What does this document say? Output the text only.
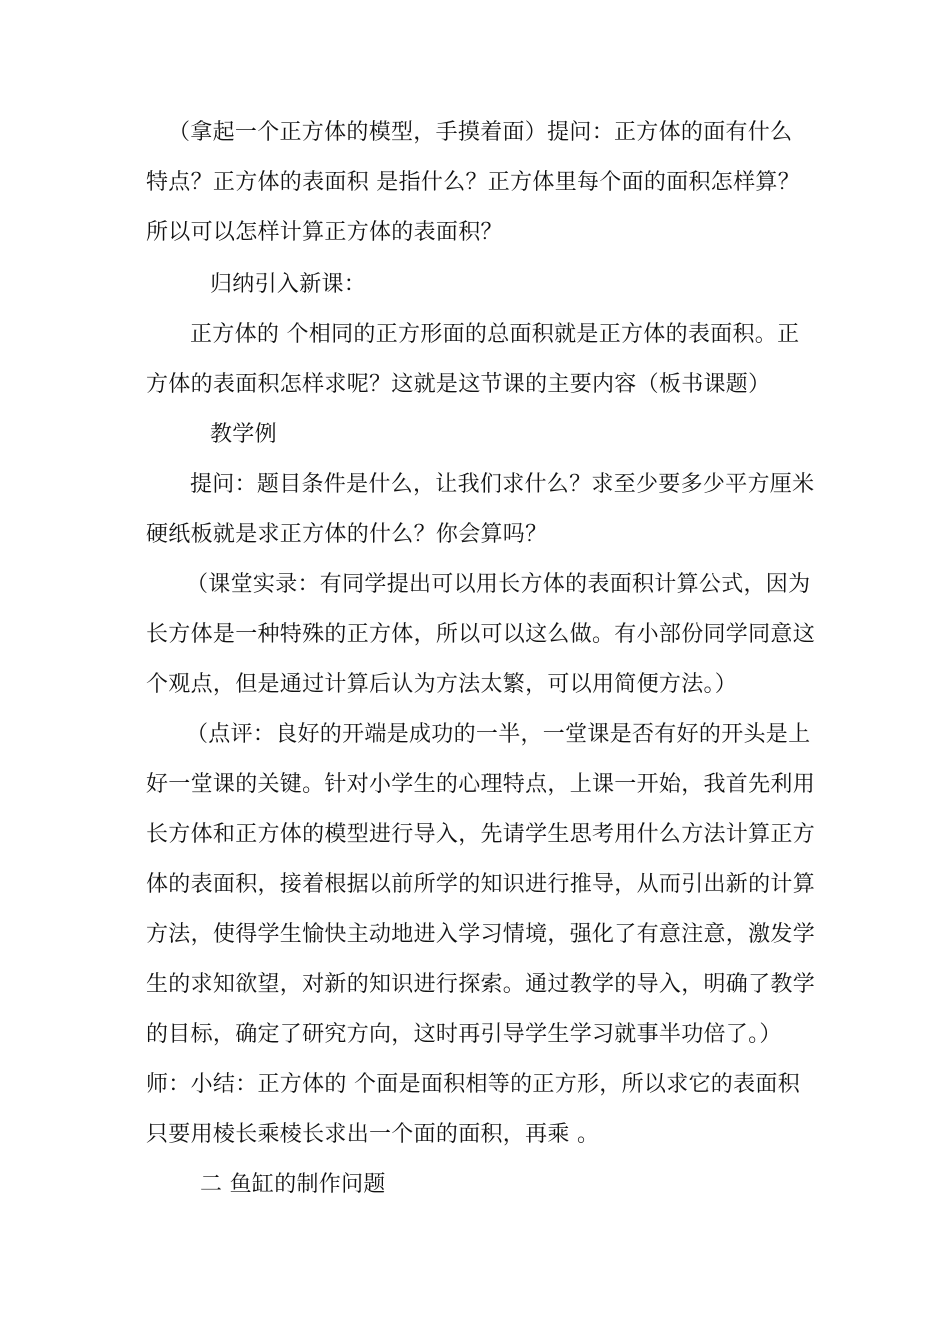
（拿起一个正方体的模型，手摸着面）提问：正方体的面有什么
特点？正方体的表面积 是指什么？正方体里每个面的面积怎样算？
所以可以怎样计算正方体的表面积？
归纳引入新课：
正方体的 个相同的正方形面的总面积就是正方体的表面积。正
方体的表面积怎样求呢？这就是这节课的主要内容（板书课题）
教学例
提问：题目条件是什么，让我们求什么？求至少要多少平方厘米
硬纸板就是求正方体的什么？你会算吗？
（课堂实录：有同学提出可以用长方体的表面积计算公式，因为
长方体是一种特殊的正方体，所以可以这么做。有小部份同学同意这
个观点，但是通过计算后认为方法太繁，可以用简便方法。）
（点评：良好的开端是成功的一半，一堂课是否有好的开头是上
好一堂课的关键。针对小学生的心理特点，上课一开始，我首先利用
长方体和正方体的模型进行导入，先请学生思考用什么方法计算正方
体的表面积，接着根据以前所学的知识进行推导，从而引出新的计算
方法，使得学生愉快主动地进入学习情境，强化了有意注意，激发学
生的求知欲望，对新的知识进行探索。通过教学的导入，明确了教学
的目标，确定了研究方向，这时再引导学生学习就事半功倍了。）
师：小结：正方体的 个面是面积相等的正方形，所以求它的表面积
只要用棱长乘棱长求出一个面的面积，再乘 。
二 鱼缸的制作问题
